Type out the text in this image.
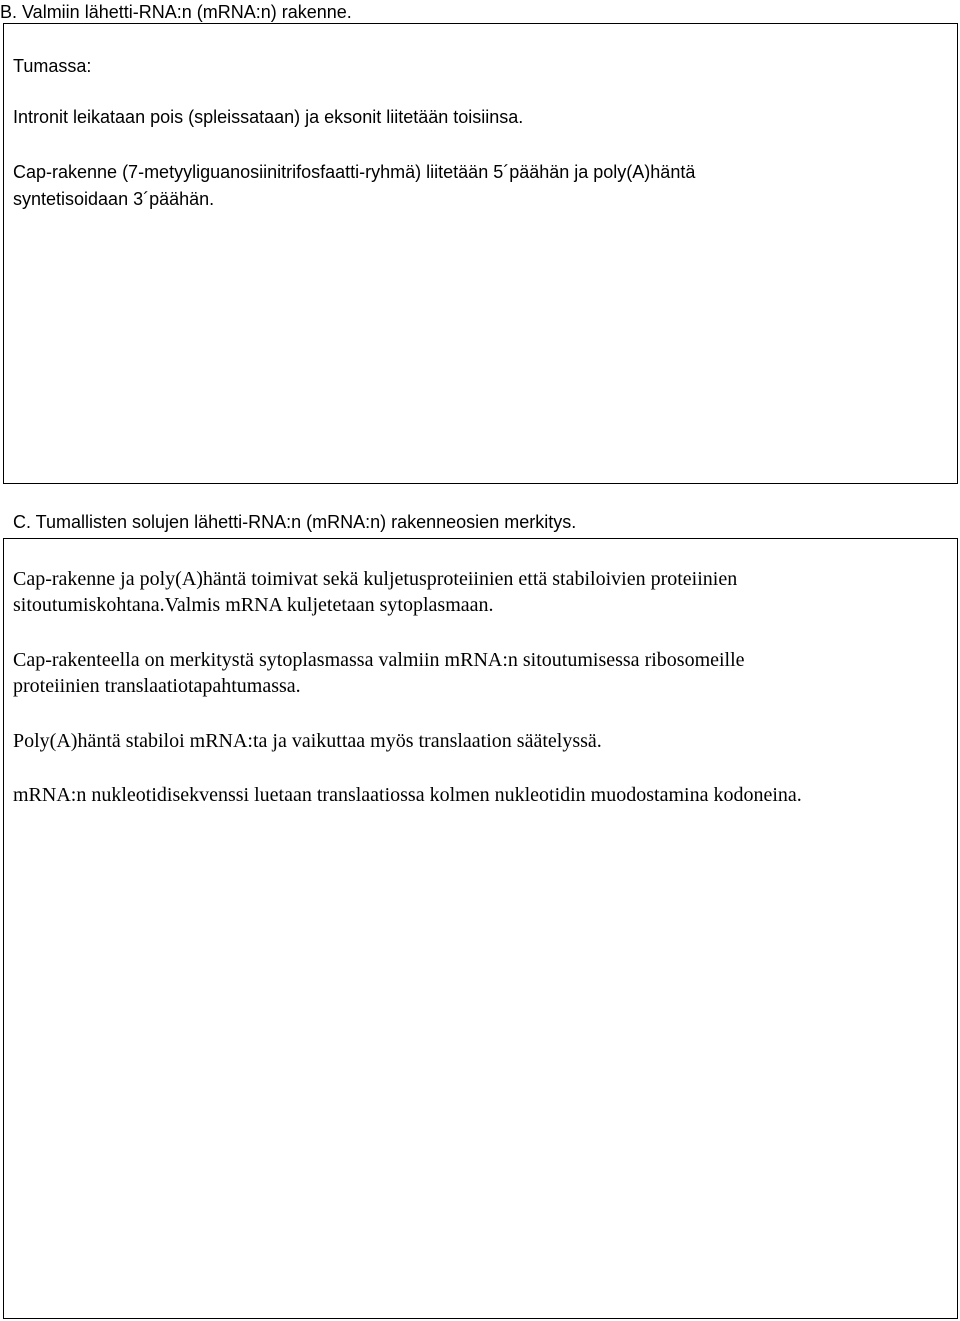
B. Valmiin lähetti-RNA:n (mRNA:n) rakenne.
Tumassa:
Intronit leikataan pois (spleissataan) ja eksonit liitetään toisiinsa.
Cap-rakenne (7-metyyliguanosiinitrifosfaatti-ryhmä) liitetään 5´päähän ja poly(A)häntä
syntetisoidaan 3´päähän.
C. Tumallisten solujen lähetti-RNA:n (mRNA:n) rakenneosien merkitys.
Cap-rakenne ja poly(A)häntä toimivat sekä kuljetusproteiinien että stabiloivien proteiinien
sitoutumiskohtana.Valmis mRNA kuljetetaan sytoplasmaan.
Cap-rakenteella on merkitystä sytoplasmassa valmiin mRNA:n sitoutumisessa ribosomeille
proteiinien translaatiotapahtumassa.
Poly(A)häntä stabiloi mRNA:ta ja vaikuttaa myös translaation säätelyssä.
mRNA:n nukleotidisekvenssi luetaan translaatiossa kolmen nukleotidin muodostamina kodoneina.
